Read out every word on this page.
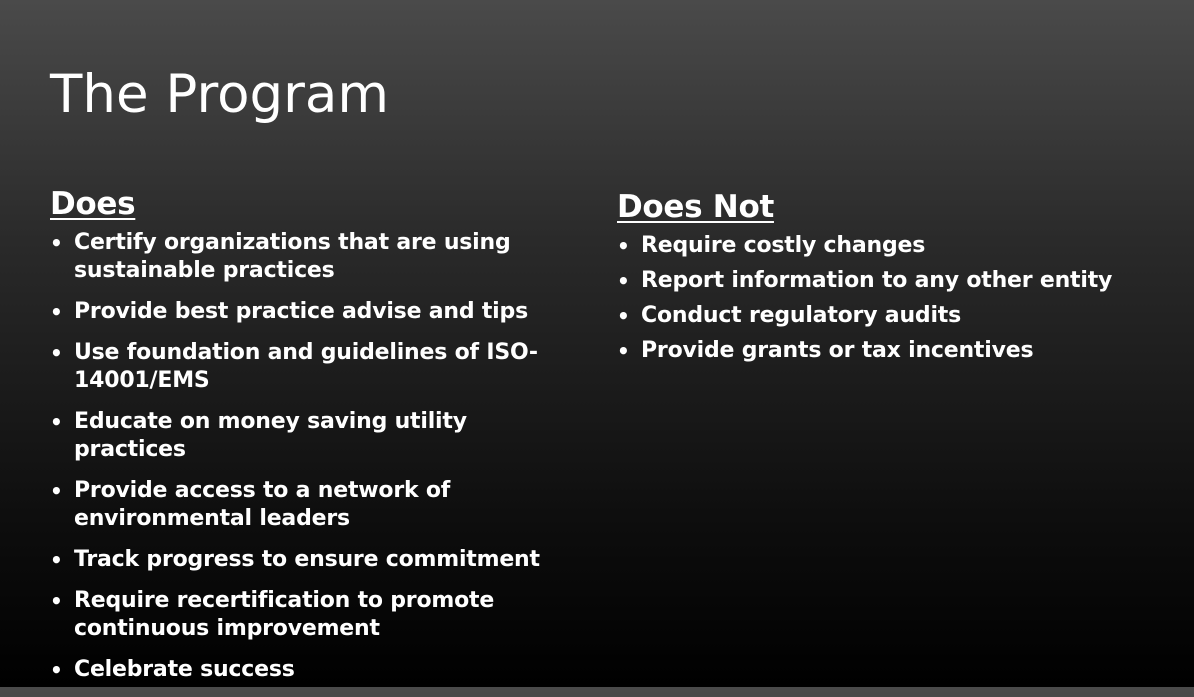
The Program
Does
• Certify organizations that are using sustainable practices
• Provide best practice advise and tips
• Use foundation and guidelines of ISO-14001/EMS
• Educate on money saving utility practices
• Provide access to a network of environmental leaders
• Track progress to ensure commitment
• Require recertification to promote continuous improvement
• Celebrate success
Does Not
• Require costly changes
• Report information to any other entity
• Conduct regulatory audits
• Provide grants or tax incentives
